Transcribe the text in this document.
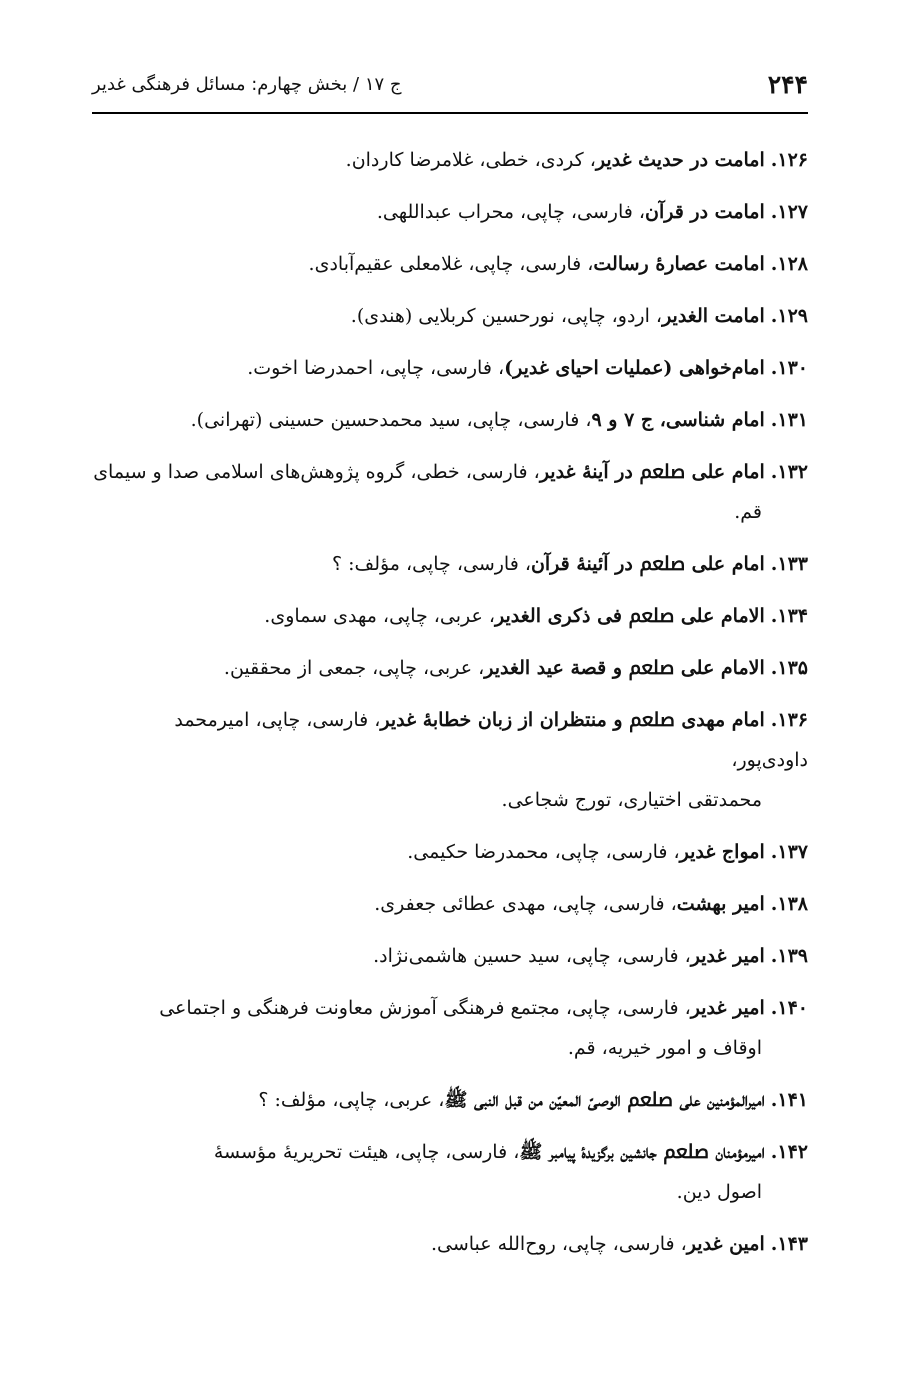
۲۴۴
ج ۱۷ / بخش چهارم: مسائل فرهنگی غدیر
۱۲۶.امامت در حدیث غدیر، کردی، خطی، غلامرضا کاردان.
۱۲۷.امامت در قرآن، فارسی، چاپی، محراب عبداللهی.
۱۲۸.امامت عصارهٔ رسالت، فارسی، چاپی، غلامعلی عقیم‌آبادی.
۱۲۹.امامت الغدیر، اردو، چاپی، نورحسین کربلایی (هندی).
۱۳۰.امام‌خواهی (عملیات احیای غدیر)، فارسی، چاپی، احمدرضا اخوت.
۱۳۱.امام شناسی، ج ۷ و ۹، فارسی، چاپی، سید محمدحسین حسینی (تهرانی).
۱۳۲.امام علی ﷵ در آینهٔ غدیر، فارسی، خطی، گروه پژوهش‌های اسلامی صدا و سیمای
قم.
۱۳۳.امام علی ﷵ در آئینهٔ قرآن، فارسی، چاپی، مؤلف: ؟
۱۳۴.الامام علی ﷵ فی ذکری الغدیر، عربی، چاپی، مهدی سماوی.
۱۳۵.الامام علی ﷵ و قصة عید الغدیر، عربی، چاپی، جمعی از محققین.
۱۳۶.امام مهدی ﷵ و منتظران از زبان خطابهٔ غدیر، فارسی، چاپی، امیرمحمد داودی‌پور،
محمدتقی اختیاری، تورج شجاعی.
۱۳۷.امواج غدیر، فارسی، چاپی، محمدرضا حکیمی.
۱۳۸.امیر بهشت، فارسی، چاپی، مهدی عطائی جعفری.
۱۳۹.امیر غدیر، فارسی، چاپی، سید حسین هاشمی‌نژاد.
۱۴۰.امیر غدیر، فارسی، چاپی، مجتمع فرهنگی آموزش معاونت فرهنگی و اجتماعی
اوقاف و امور خیریه، قم.
۱۴۱.امیرالمؤمنین علی ﷵ الوصیّ المعیّن من قبل النبی ﷺ، عربی، چاپی، مؤلف: ؟
۱۴۲.امیرمؤمنان ﷵ جانشین برگزیدهٔ پیامبر ﷺ، فارسی، چاپی، هیئت تحریریهٔ مؤسسهٔ
اصول دین.
۱۴۳.امین غدیر، فارسی، چاپی، روح‌الله عباسی.
